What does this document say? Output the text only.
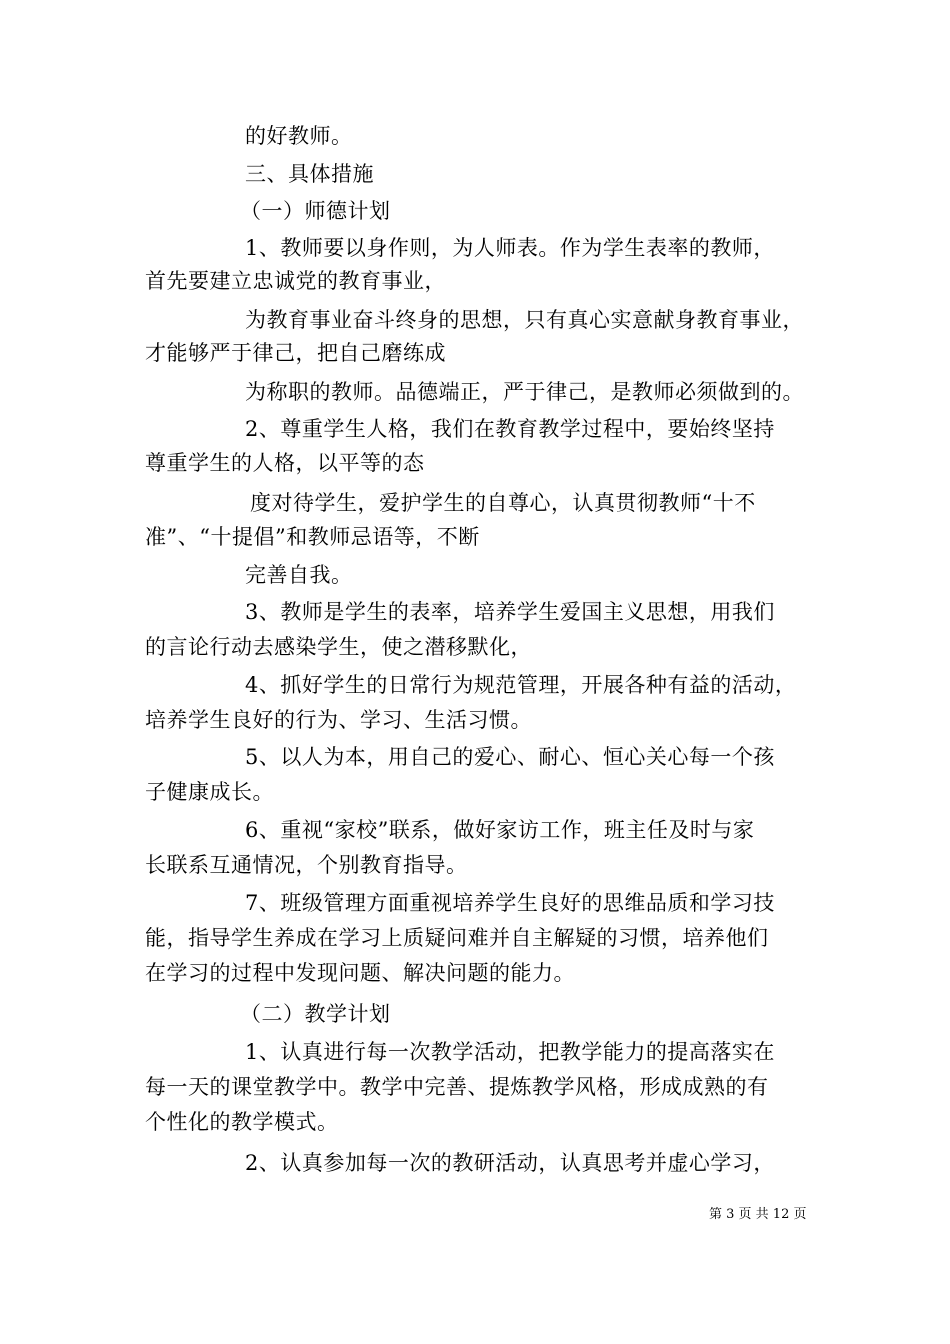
的好教师。
三、具体措施
（一）师德计划
1、教师要以身作则，为人师表。作为学生表率的教师，
首先要建立忠诚党的教育事业，
为教育事业奋斗终身的思想，只有真心实意献身教育事业，
才能够严于律己，把自己磨练成
为称职的教师。品德端正，严于律己，是教师必须做到的。
2、尊重学生人格，我们在教育教学过程中，要始终坚持
尊重学生的人格，以平等的态
度对待学生，爱护学生的自尊心，认真贯彻教师“十不
准”、“十提倡”和教师忌语等，不断
完善自我。
3、教师是学生的表率，培养学生爱国主义思想，用我们
的言论行动去感染学生，使之潜移默化，
4、抓好学生的日常行为规范管理，开展各种有益的活动，
培养学生良好的行为、学习、生活习惯。
5、以人为本，用自己的爱心、耐心、恒心关心每一个孩
子健康成长。
6、重视“家校”联系，做好家访工作，班主任及时与家
长联系互通情况，个别教育指导。
7、班级管理方面重视培养学生良好的思维品质和学习技
能，指导学生养成在学习上质疑问难并自主解疑的习惯，培养他们
在学习的过程中发现问题、解决问题的能力。
（二）教学计划
1、认真进行每一次教学活动，把教学能力的提高落实在
每一天的课堂教学中。教学中完善、提炼教学风格，形成成熟的有
个性化的教学模式。
2、认真参加每一次的教研活动，认真思考并虚心学习，
第 3 页 共 12 页
